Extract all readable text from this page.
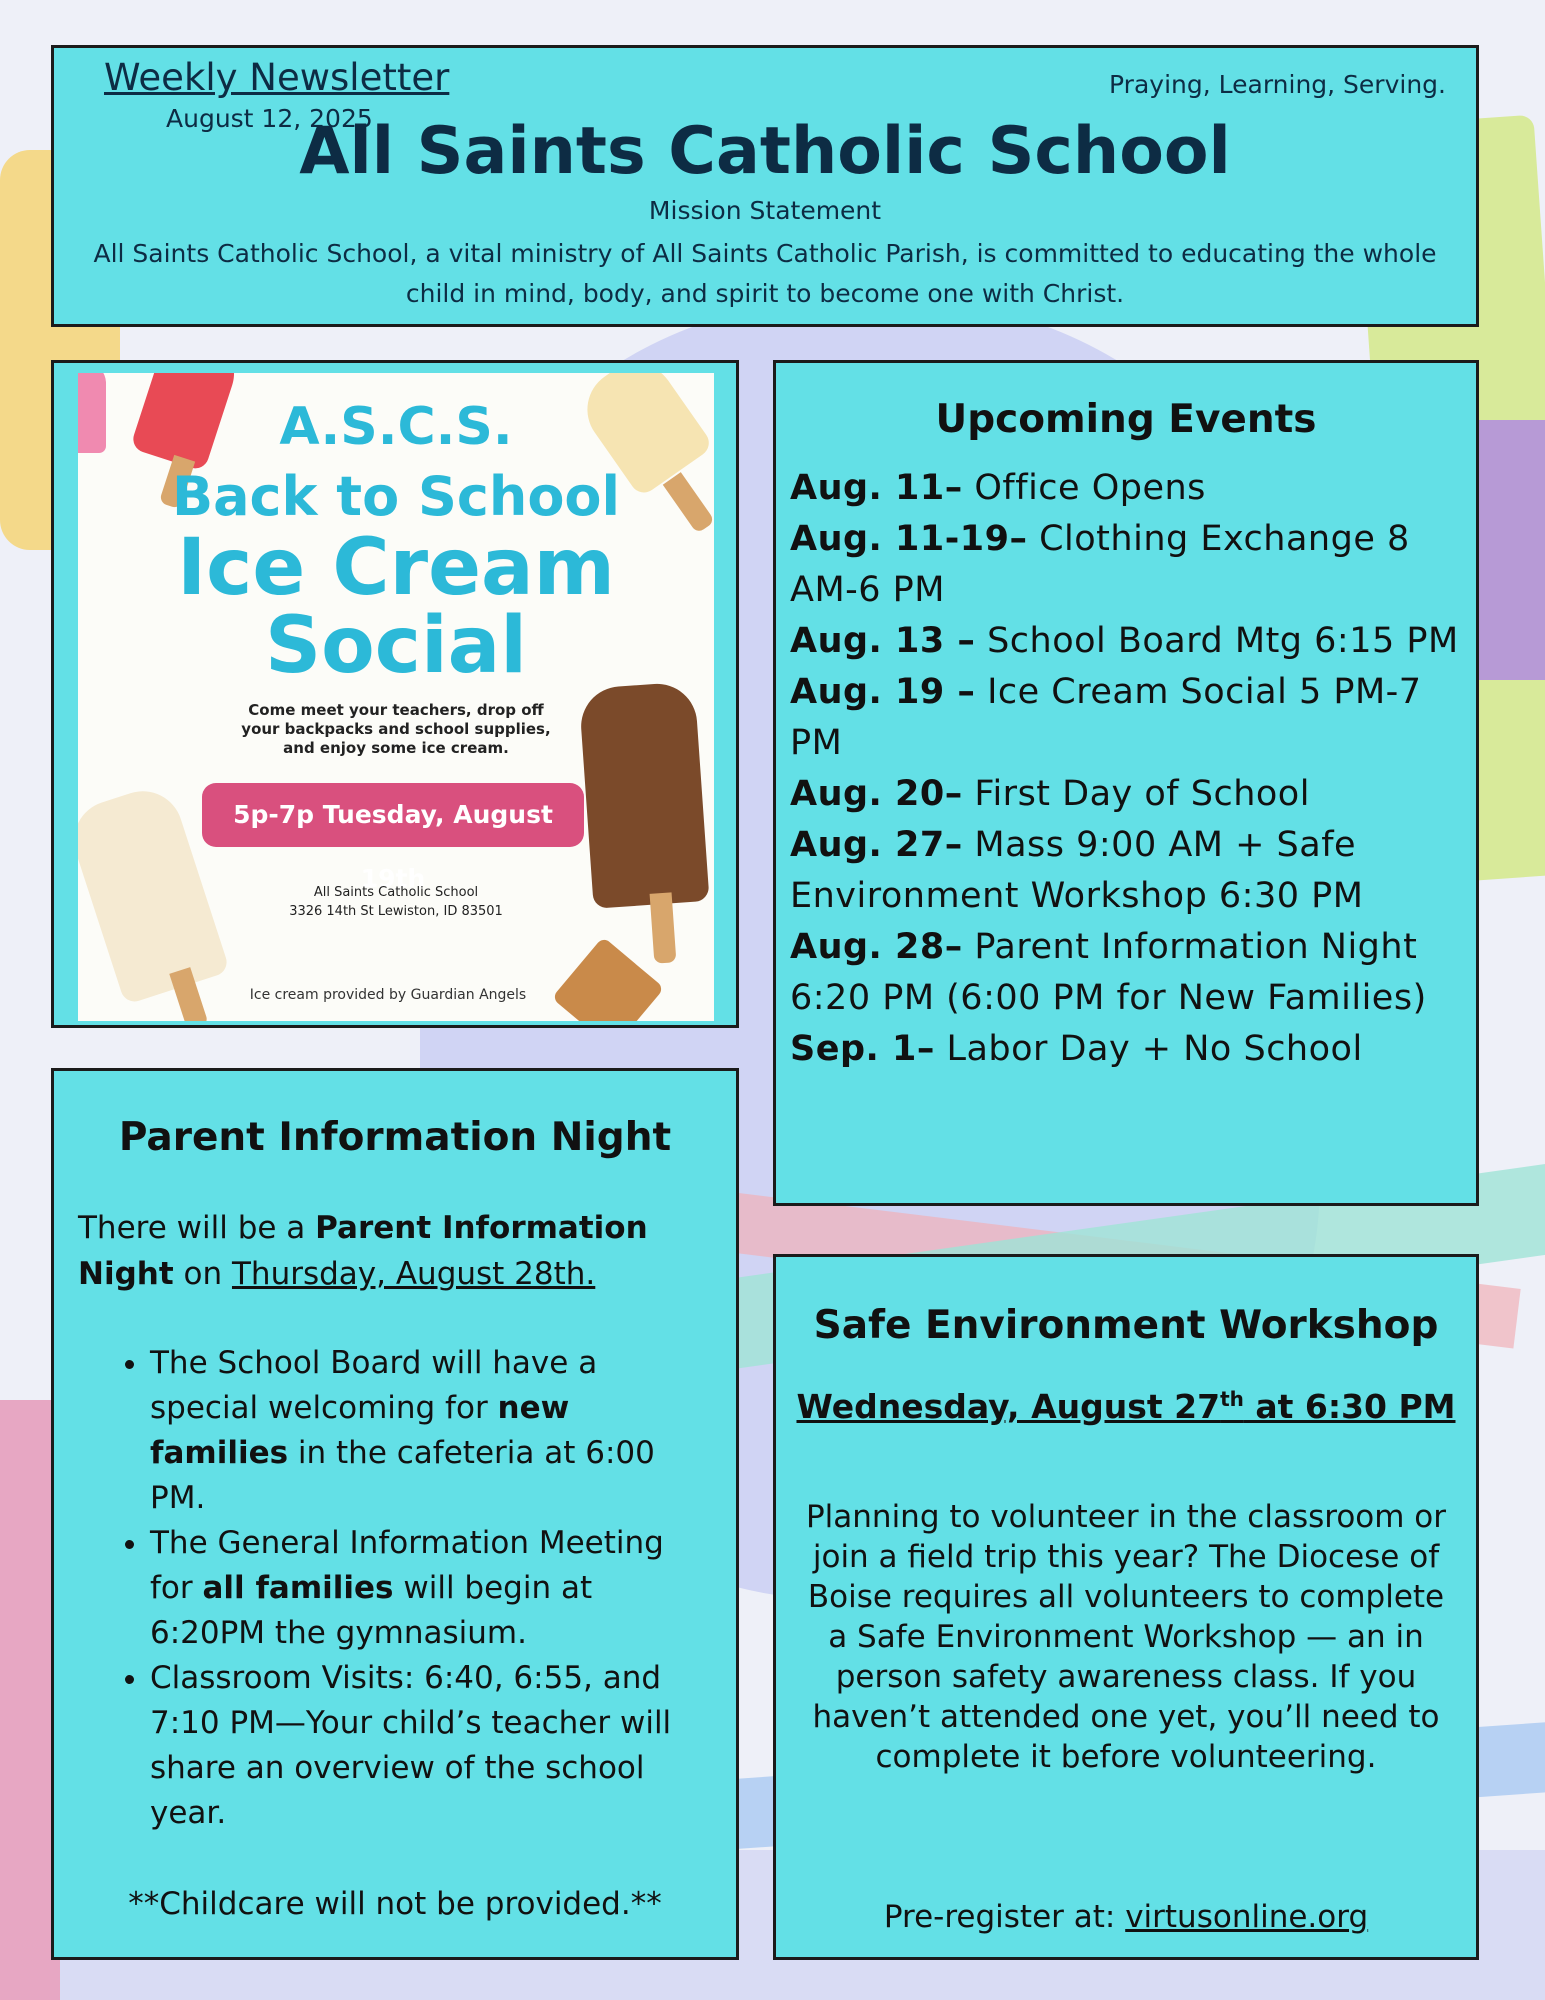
Weekly Newsletter
August 12, 2025
Praying, Learning, Serving.
All Saints Catholic School
Mission Statement
All Saints Catholic School, a vital ministry of All Saints Catholic Parish, is committed to educating the whole child in mind, body, and spirit to become one with Christ.
A.S.C.S.
Back to School
Ice Cream
Social
Come meet your teachers, drop off your backpacks and school supplies, and enjoy some ice cream.
5p-7p Tuesday, August 19th
All Saints Catholic School
3326 14th St Lewiston, ID 83501
Ice cream provided by Guardian Angels
Upcoming Events
Aug. 11– Office Opens
Aug. 11-19– Clothing Exchange 8 AM-6 PM
Aug. 13 – School Board Mtg 6:15 PM
Aug. 19 – Ice Cream Social 5 PM-7 PM
Aug. 20– First Day of School
Aug. 27– Mass 9:00 AM + Safe Environment Workshop 6:30 PM
Aug. 28– Parent Information Night 6:20 PM (6:00 PM for New Families)
Sep. 1– Labor Day + No School
Parent Information Night
There will be a Parent Information Night on Thursday, August 28th.
• The School Board will have a special welcoming for new families in the cafeteria at 6:00 PM.
• The General Information Meeting for all families will begin at 6:20PM the gymnasium.
• Classroom Visits: 6:40, 6:55, and 7:10 PM—Your child’s teacher will share an overview of the school year.
**Childcare will not be provided.**
Safe Environment Workshop
Wednesday, August 27th at 6:30 PM
Planning to volunteer in the classroom or join a field trip this year? The Diocese of Boise requires all volunteers to complete a Safe Environment Workshop — an in person safety awareness class. If you haven’t attended one yet, you’ll need to complete it before volunteering.
Pre-register at: virtusonline.org
